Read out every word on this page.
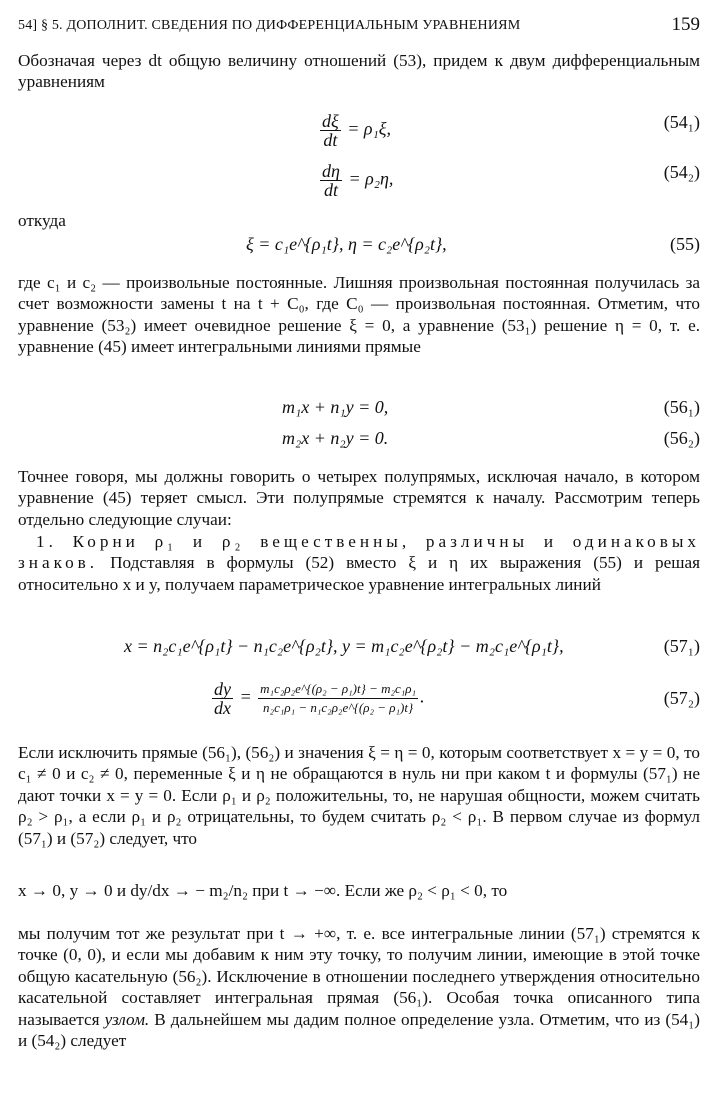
54] § 5. ДОПОЛНИТ. СВЕДЕНИЯ ПО ДИФФЕРЕНЦИАЛЬНЫМ УРАВНЕНИЯМ	159
Обозначая через dt общую величину отношений (53), придем к двум дифференциальным уравнениям
$\frac{d\xi}{dt} = \rho_1\xi$,	(54₁)
$\frac{d\eta}{dt} = \rho_2\eta$,	(54₂)
откуда
ξ = c₁e^{ρ₁t}, η = c₂e^{ρ₂t},	(55)
где c₁ и c₂ — произвольные постоянные. Лишняя произвольная постоянная получилась за счет возможности замены t на t + C₀, где C₀ — произвольная постоянная. Отметим, что уравнение (53₂) имеет очевидное решение ξ = 0, а уравнение (53₁) решение η = 0, т. е. уравнение (45) имеет интегральными линиями прямые
m₁x + n₁y = 0,	(56₁)
m₂x + n₂y = 0.	(56₂)
Точнее говоря, мы должны говорить о четырех полупрямых, исключая начало, в котором уравнение (45) теряет смысл. Эти полупрямые стремятся к началу. Рассмотрим теперь отдельно следующие случаи:
1. Корни ρ₁ и ρ₂ вещественны, различны и одинаковых знаков. Подставляя в формулы (52) вместо ξ и η их выражения (55) и решая относительно x и y, получаем параметрическое уравнение интегральных линий
x = n₂c₁e^{ρ₁t} − n₁c₂e^{ρ₂t}, y = m₁c₂e^{ρ₂t} − m₂c₁e^{ρ₁t},	(57₁)
$\frac{dy}{dx} = \frac{\text{m₁c₂ρ₂e\textasciicircum{}\{(ρ₂ − ρ₁)t\} − m₂c₁ρ₁}}{\text{n₂c₁ρ₁ − n₁c₂ρ₂e\textasciicircum{}\{(ρ₂ − ρ₁)t\}}}$ .	(57₂)
Если исключить прямые (56₁), (56₂) и значения ξ = η = 0, которым соответствует x = y = 0, то c₁ ≠ 0 и c₂ ≠ 0, переменные ξ и η не обращаются в нуль ни при каком t и формулы (57₁) не дают точки x = y = 0. Если ρ₁ и ρ₂ положительны, то, не нарушая общности, можем считать ρ₂ > ρ₁, а если ρ₁ и ρ₂ отрицательны, то будем считать ρ₂ < ρ₁. В первом случае из формул (57₁) и (57₂) следует, что
x → 0, y → 0 и dy/dx → − m₂/n₂ при t → −∞. Если же ρ₂ < ρ₁ < 0, то
мы получим тот же результат при t → +∞, т. е. все интегральные линии (57₁) стремятся к точке (0, 0), и если мы добавим к ним эту точку, то получим линии, имеющие в этой точке общую касательную (56₂). Исключение в отношении последнего утверждения относительно касательной составляет интегральная прямая (56₁). Особая точка описанного типа называется узлом. В дальнейшем мы дадим полное определение узла. Отметим, что из (54₁) и (54₂) следует
